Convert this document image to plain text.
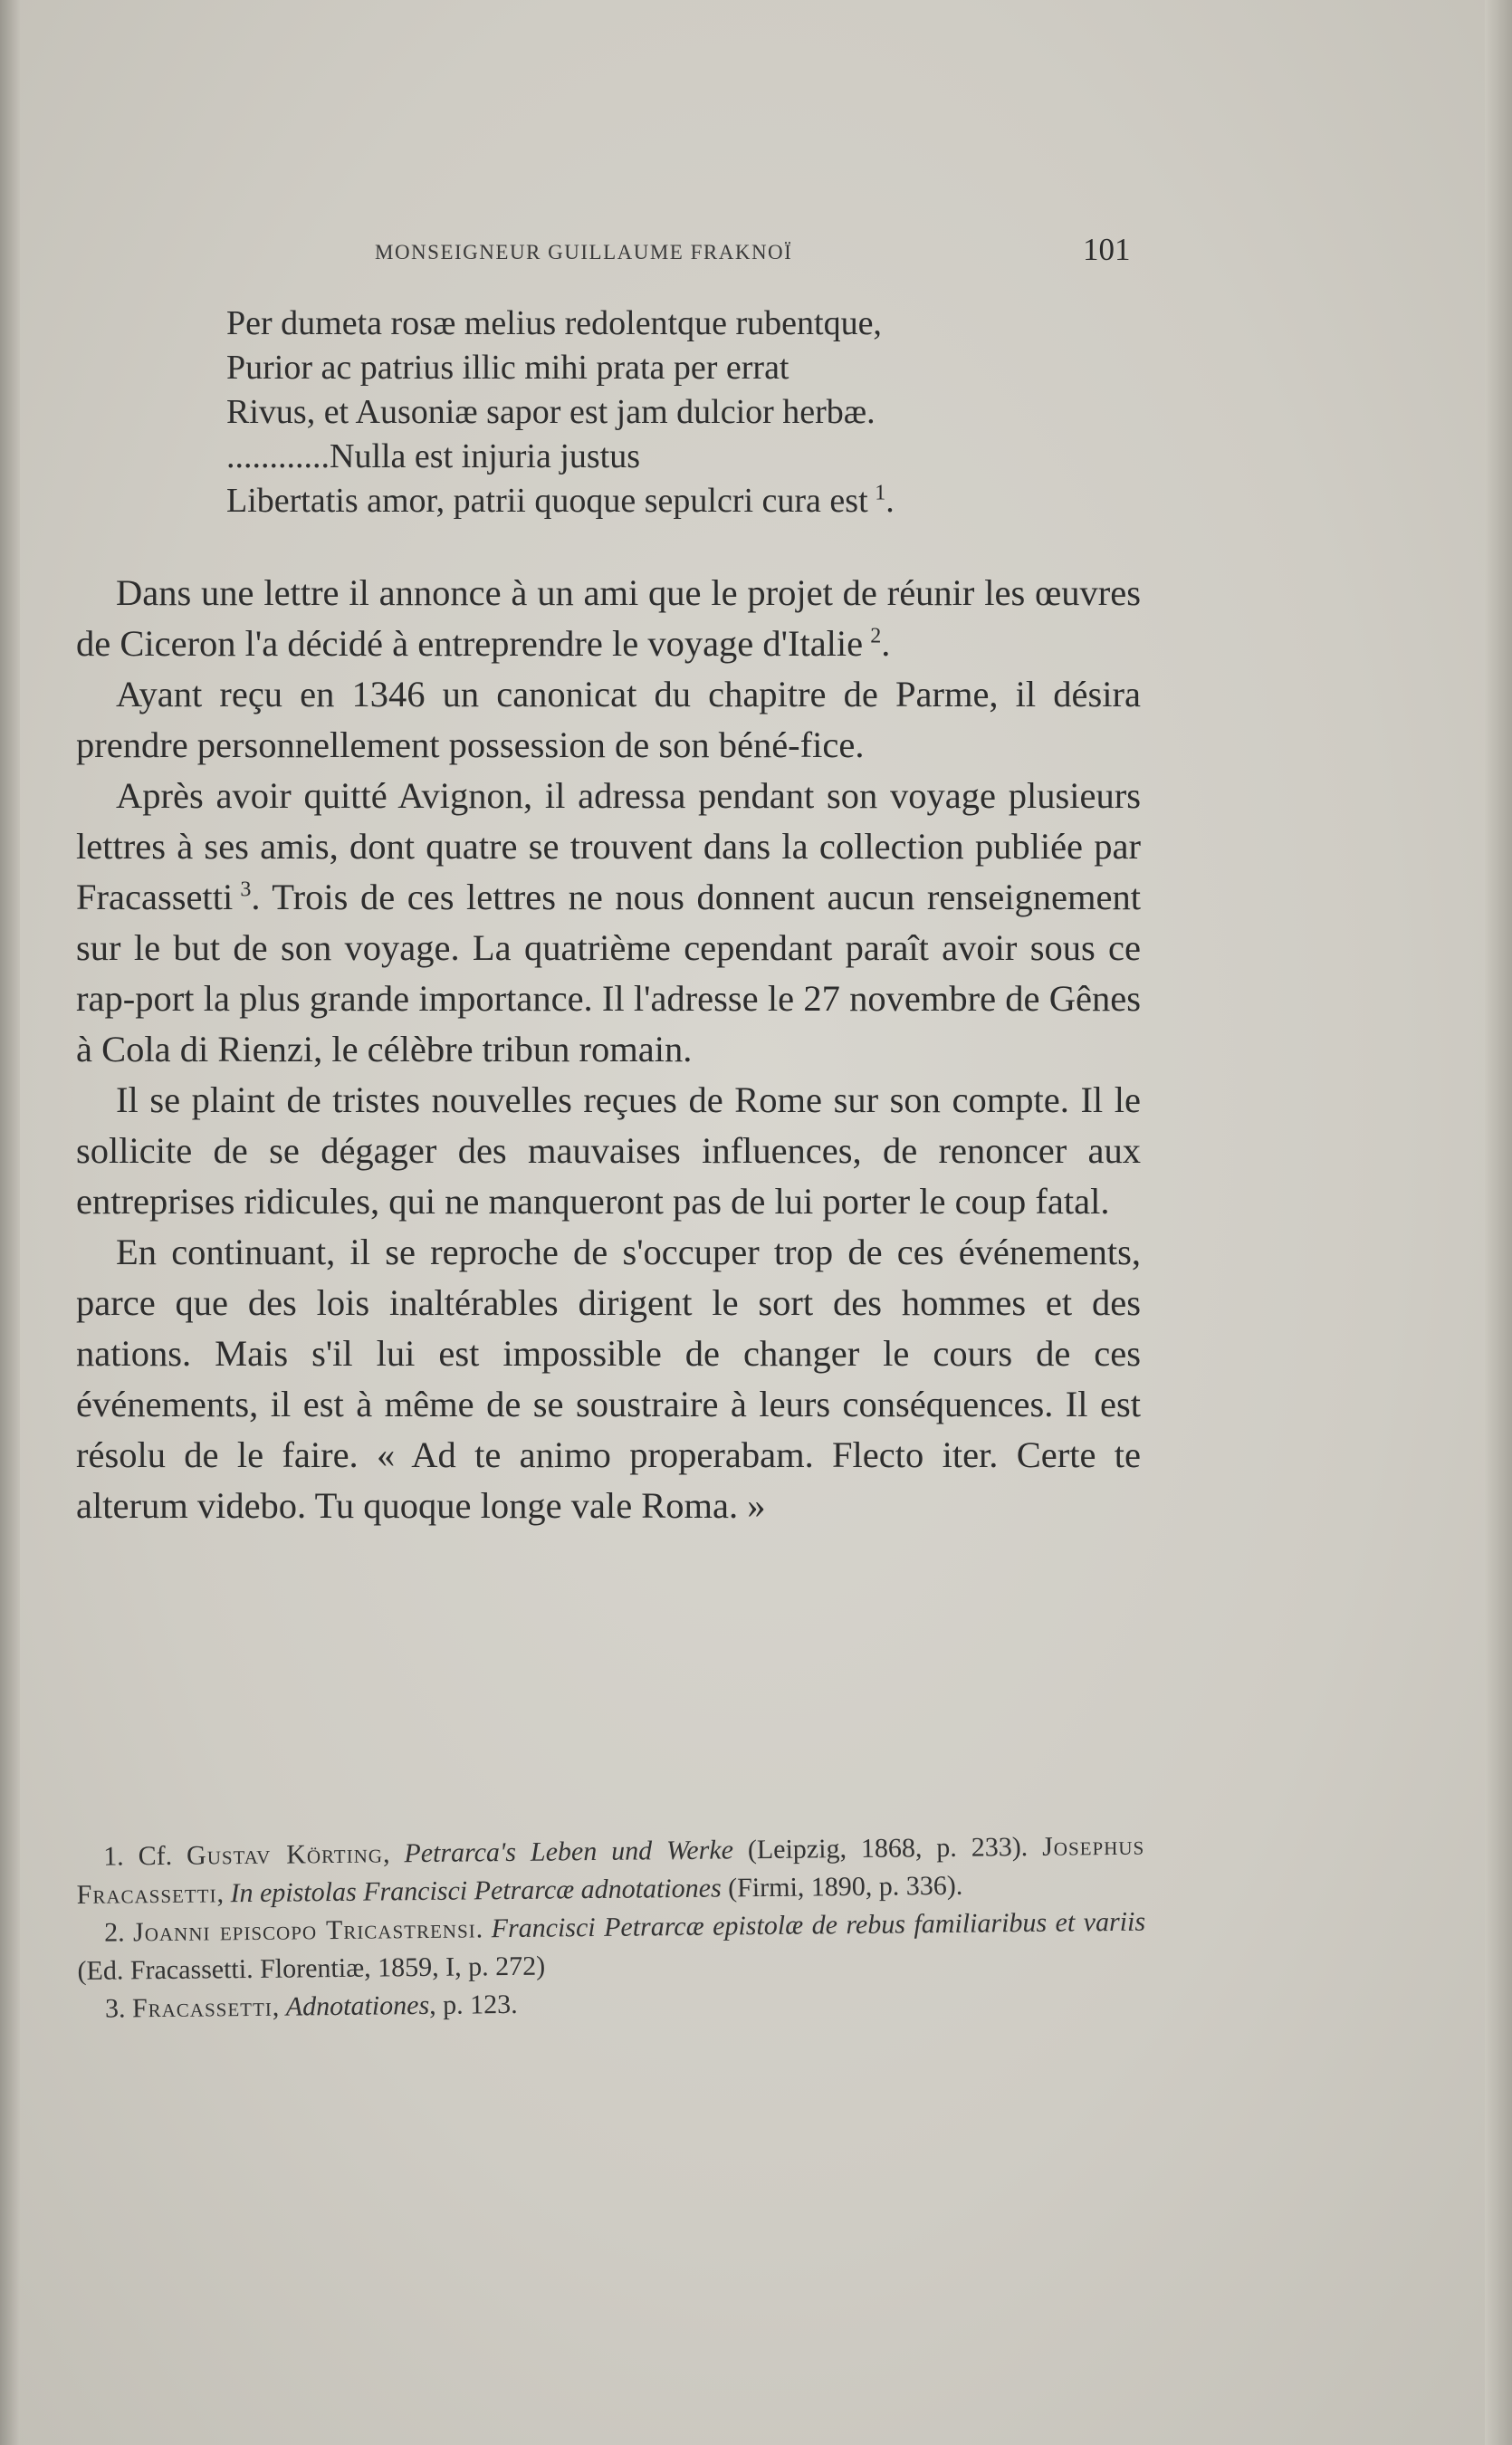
MONSEIGNEUR GUILLAUME FRAKNOÏ	101
Per dumeta rosæ melius redolentque rubentque,
Purior ac patrius illic mihi prata per errat
Rivus, et Ausoniæ sapor est jam dulcior herbæ.
............Nulla est injuria justus
Libertatis amor, patrii quoque sepulcri cura est  $^1$.

Dans une lettre il annonce à un ami que le projet de réunir les œuvres de Ciceron l'a décidé à entreprendre le voyage d'Italie  $^2$.

Ayant reçu en 1346 un canonicat du chapitre de Parme, il désira prendre personnellement possession de son béné-fice.

Après avoir quitté Avignon, il adressa pendant son voyage plusieurs lettres à ses amis, dont quatre se trouvent dans la collection publiée par Fracassetti  $^3$. Trois de ces lettres ne nous donnent aucun renseignement sur le but de son voyage. La quatrième cependant paraît avoir sous ce rap-port la plus grande importance. Il l'adresse le 27 novembre de Gênes à Cola di Rienzi, le célèbre tribun romain.

Il se plaint de tristes nouvelles reçues de Rome sur son compte. Il le sollicite de se dégager des mauvaises influences, de renoncer aux entreprises ridicules, qui ne manqueront pas de lui porter le coup fatal.

En continuant, il se reproche de s'occuper trop de ces événements, parce que des lois inaltérables dirigent le sort des hommes et des nations. Mais s'il lui est impossible de changer le cours de ces événements, il est à même de se soustraire à leurs conséquences. Il est résolu de le faire. « Ad te animo properabam. Flecto iter. Certe te alterum videbo. Tu quoque longe vale Roma. »

1. Cf. Gustav Körting, Petrarca's Leben und Werke (Leipzig, 1868, p. 233). Josephus Fracassetti, In epistolas Francisci Petrarcæ adnotationes (Firmi, 1890, p. 336).

2. Joanni episcopo Tricastrensi. Francisci Petrarcæ epistolæ de rebus familiaribus et variis (Ed. Fracassetti. Florentiæ, 1859, I, p. 272)

3. Fracassetti, Adnotationes, p. 123.
